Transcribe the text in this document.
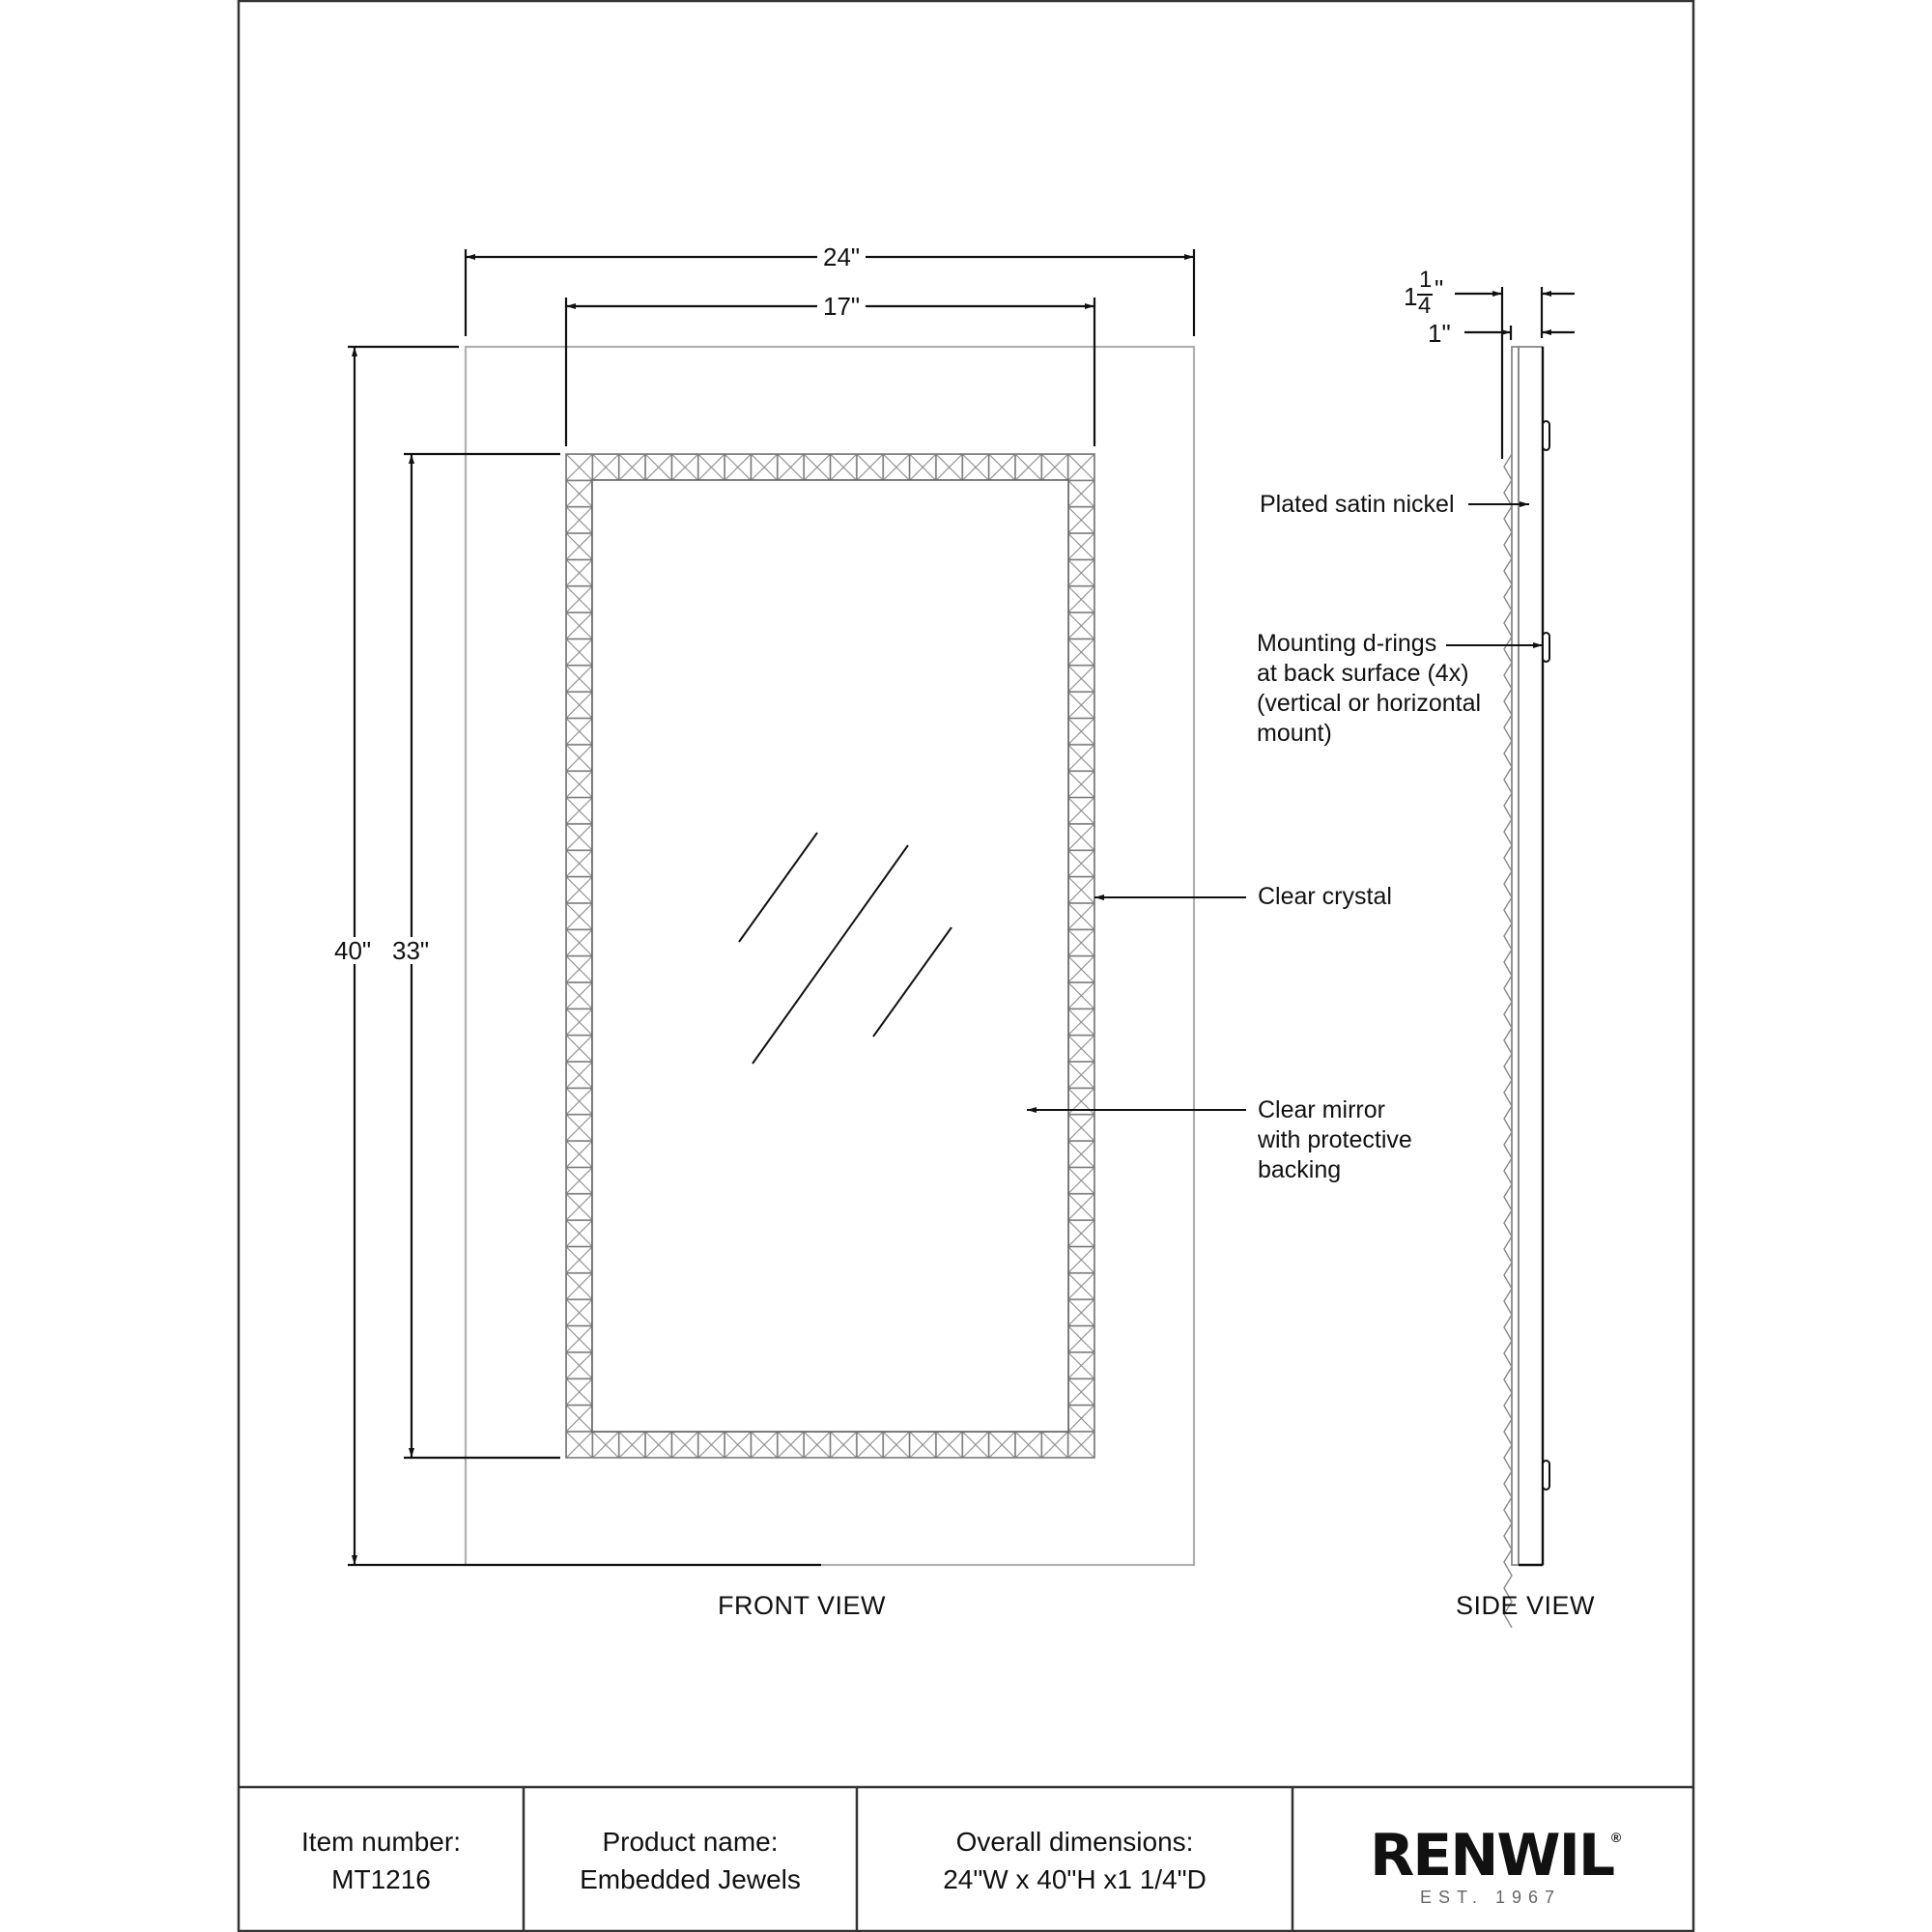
24"
17"
40" 33"
1
1
4
"
1"
Plated satin nickel
Mounting d-rings
at back surface (4x)
(vertical or horizontal
mount)
Clear crystal
Clear mirror
with protective
backing
FRONT VIEW	SIDE VIEW
Item number:
MT1216
Product name:
Embedded Jewels
Overall dimensions:
24"W x 40"H x1 1/4"D	RENWIL
®
EST. 1967
